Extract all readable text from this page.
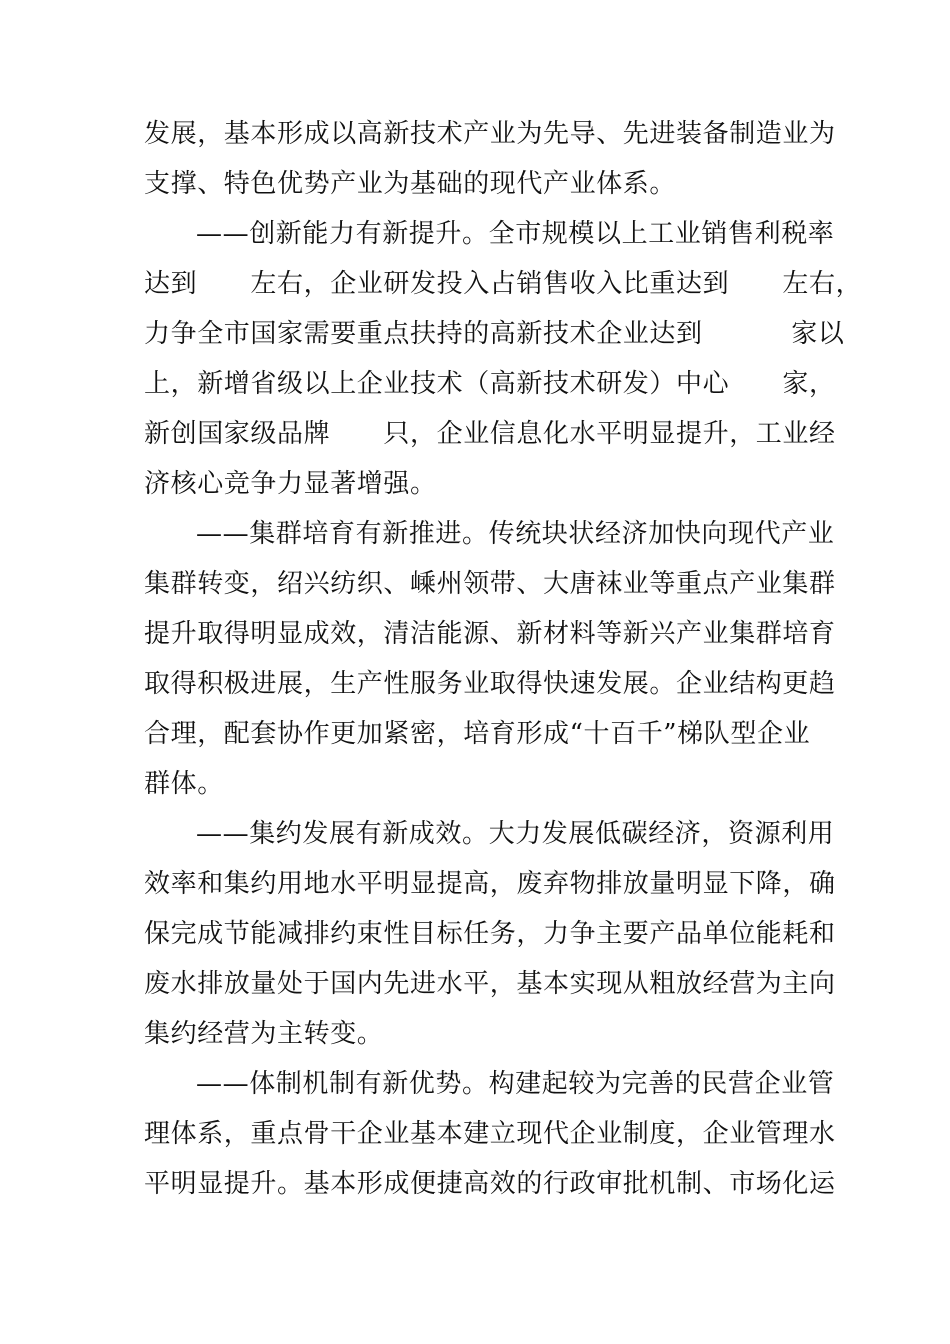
发展，基本形成以高新技术产业为先导、先进装备制造业为
支撑、特色优势产业为基础的现代产业体系。
——创新能力有新提升。全市规模以上工业销售利税率
达到      左右，企业研发投入占销售收入比重达到      左右，
力争全市国家需要重点扶持的高新技术企业达到          家以
上，新增省级以上企业技术（高新技术研发）中心      家，
新创国家级品牌      只，企业信息化水平明显提升，工业经
济核心竞争力显著增强。
——集群培育有新推进。传统块状经济加快向现代产业
集群转变，绍兴纺织、嵊州领带、大唐袜业等重点产业集群
提升取得明显成效，清洁能源、新材料等新兴产业集群培育
取得积极进展，生产性服务业取得快速发展。企业结构更趋
合理，配套协作更加紧密，培育形成“十百千”梯队型企业
群体。
——集约发展有新成效。大力发展低碳经济，资源利用
效率和集约用地水平明显提高，废弃物排放量明显下降，确
保完成节能减排约束性目标任务，力争主要产品单位能耗和
废水排放量处于国内先进水平，基本实现从粗放经营为主向
集约经营为主转变。
——体制机制有新优势。构建起较为完善的民营企业管
理体系，重点骨干企业基本建立现代企业制度，企业管理水
平明显提升。基本形成便捷高效的行政审批机制、市场化运
